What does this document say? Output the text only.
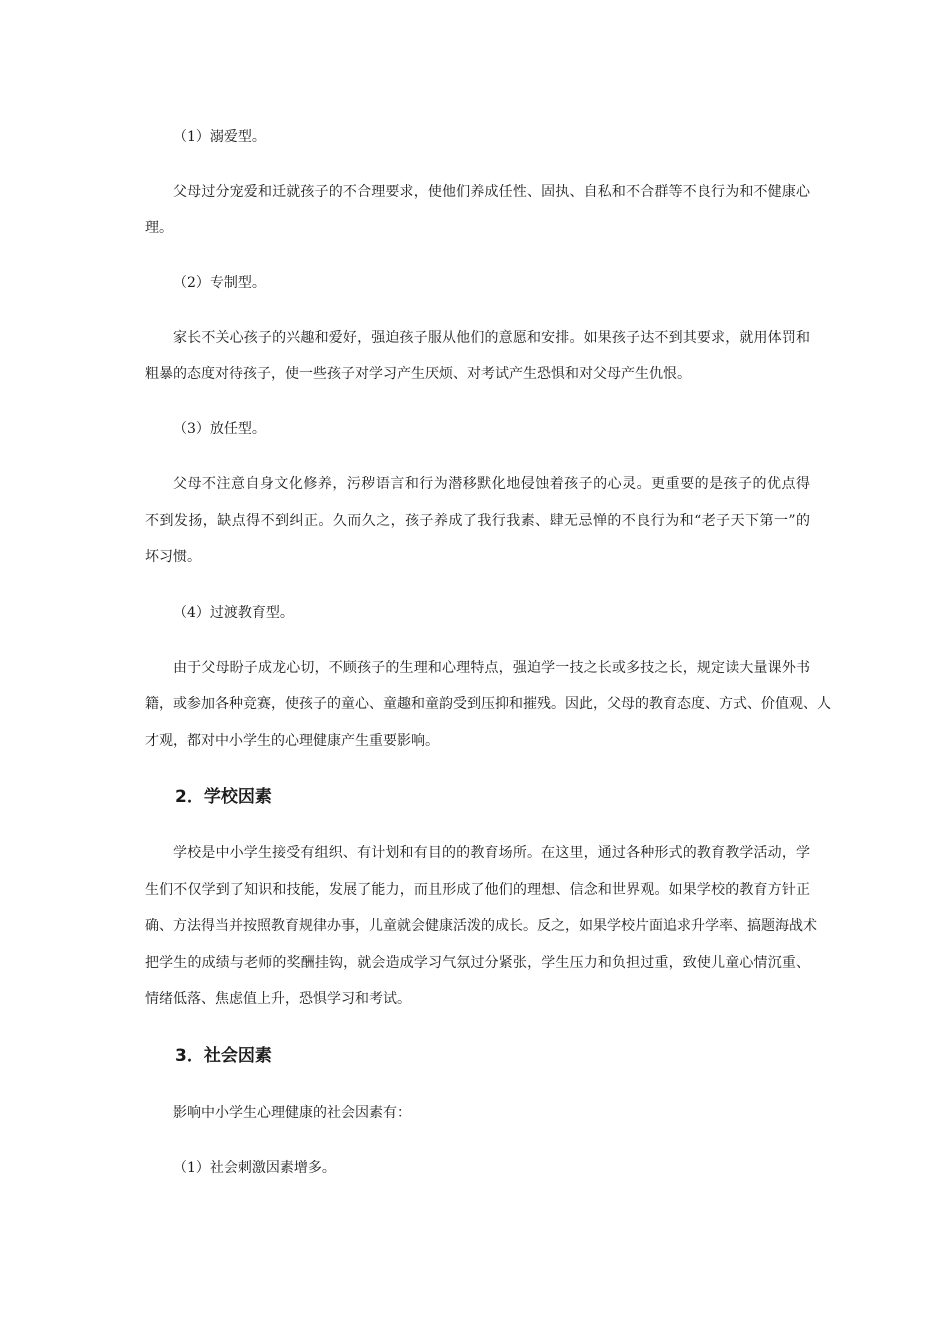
（1）溺爱型。
父母过分宠爱和迁就孩子的不合理要求，使他们养成任性、固执、自私和不合群等不良行为和不健康心
理。
（2）专制型。
家长不关心孩子的兴趣和爱好，强迫孩子服从他们的意愿和安排。如果孩子达不到其要求，就用体罚和
粗暴的态度对待孩子，使一些孩子对学习产生厌烦、对考试产生恐惧和对父母产生仇恨。
（3）放任型。
父母不注意自身文化修养，污秽语言和行为潜移默化地侵蚀着孩子的心灵。更重要的是孩子的优点得
不到发扬，缺点得不到纠正。久而久之，孩子养成了我行我素、肆无忌惮的不良行为和“老子天下第一”的
坏习惯。
（4）过渡教育型。
由于父母盼子成龙心切，不顾孩子的生理和心理特点，强迫学一技之长或多技之长，规定读大量课外书
籍，或参加各种竞赛，使孩子的童心、童趣和童韵受到压抑和摧残。因此，父母的教育态度、方式、价值观、人
才观，都对中小学生的心理健康产生重要影响。
2．学校因素
学校是中小学生接受有组织、有计划和有目的的教育场所。在这里，通过各种形式的教育教学活动，学
生们不仅学到了知识和技能，发展了能力，而且形成了他们的理想、信念和世界观。如果学校的教育方针正
确、方法得当并按照教育规律办事，儿童就会健康活泼的成长。反之，如果学校片面追求升学率、搞题海战术
把学生的成绩与老师的奖酬挂钩，就会造成学习气氛过分紧张，学生压力和负担过重，致使儿童心情沉重、
情绪低落、焦虑值上升，恐惧学习和考试。
3．社会因素
影响中小学生心理健康的社会因素有：
（1）社会刺激因素增多。
